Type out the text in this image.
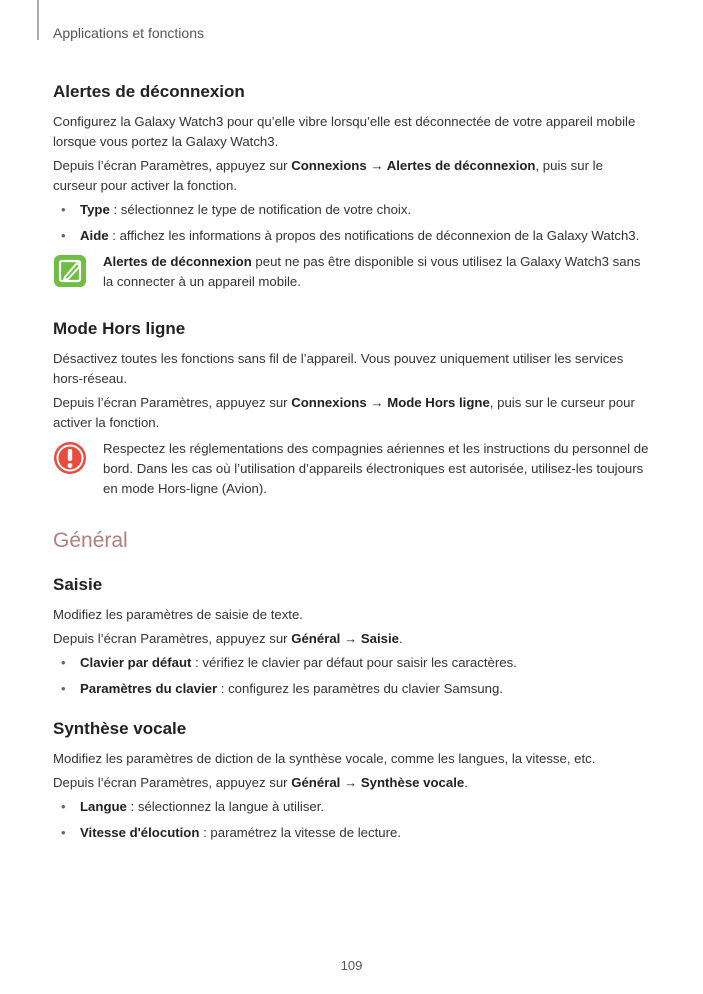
Applications et fonctions
Alertes de déconnexion

Configurez la Galaxy Watch3 pour qu’elle vibre lorsqu’elle est déconnectée de votre appareil mobile lorsque vous portez la Galaxy Watch3.

Depuis l’écran Paramètres, appuyez sur Connexions → Alertes de déconnexion, puis sur le curseur pour activer la fonction.

• Type : sélectionnez le type de notification de votre choix.
• Aide : affichez les informations à propos des notifications de déconnexion de la Galaxy Watch3.
Alertes de déconnexion peut ne pas être disponible si vous utilisez la Galaxy Watch3 sans la connecter à un appareil mobile.
Mode Hors ligne

Désactivez toutes les fonctions sans fil de l’appareil. Vous pouvez uniquement utiliser les services hors-réseau.

Depuis l’écran Paramètres, appuyez sur Connexions → Mode Hors ligne, puis sur le curseur pour activer la fonction.

Respectez les réglementations des compagnies aériennes et les instructions du personnel de bord. Dans les cas où l’utilisation d’appareils électroniques est autorisée, utilisez-les toujours en mode Hors-ligne (Avion).
Général
Saisie

Modifiez les paramètres de saisie de texte.

Depuis l’écran Paramètres, appuyez sur Général → Saisie.

• Clavier par défaut : vérifiez le clavier par défaut pour saisir les caractères.
• Paramètres du clavier : configurez les paramètres du clavier Samsung.
Synthèse vocale

Modifiez les paramètres de diction de la synthèse vocale, comme les langues, la vitesse, etc.

Depuis l’écran Paramètres, appuyez sur Général → Synthèse vocale.

• Langue : sélectionnez la langue à utiliser.
• Vitesse d'élocution : paramétrez la vitesse de lecture.
109
